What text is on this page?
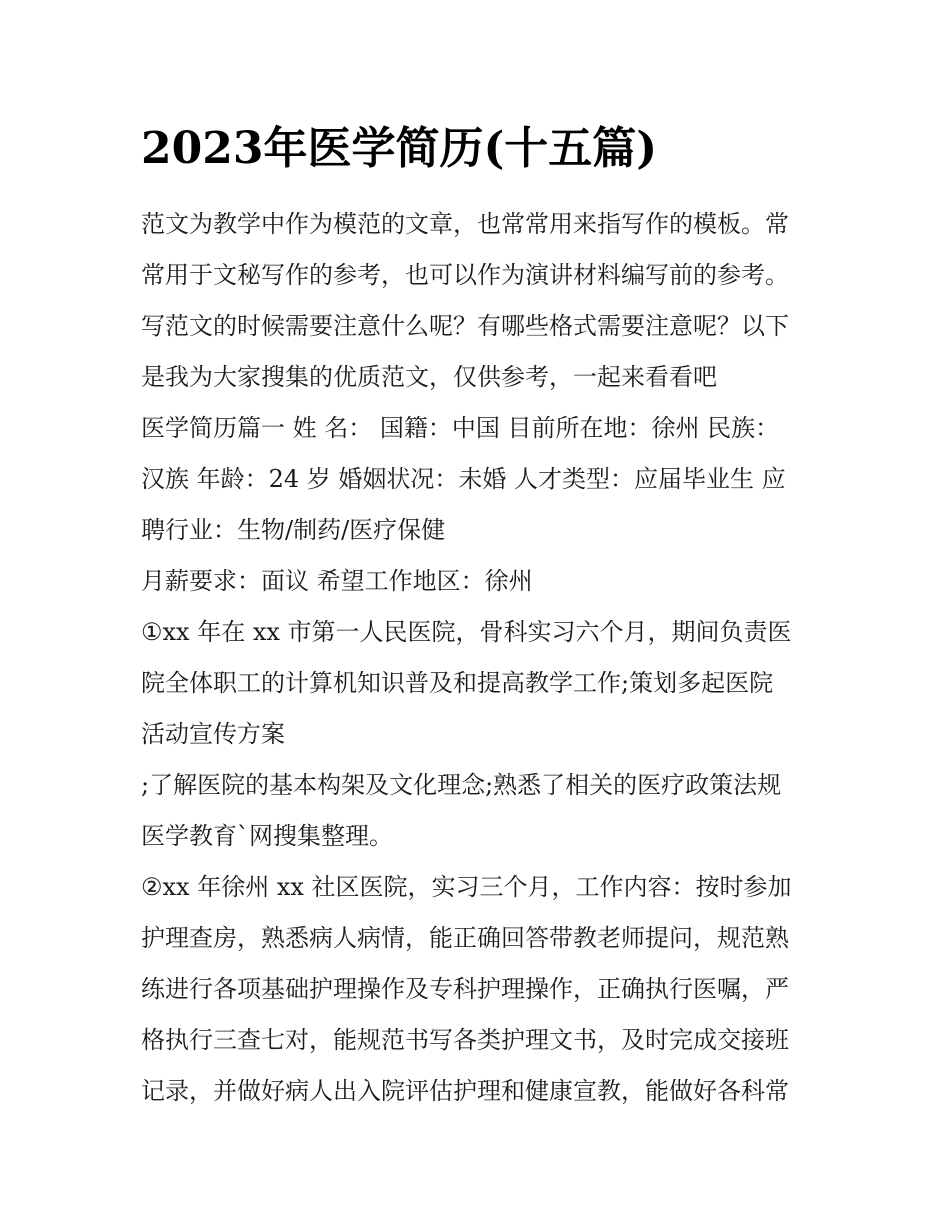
2023年医学简历(十五篇)
范文为教学中作为模范的文章，也常常用来指写作的模板。常
常用于文秘写作的参考，也可以作为演讲材料编写前的参考。
写范文的时候需要注意什么呢？有哪些格式需要注意呢？以下
是我为大家搜集的优质范文，仅供参考，一起来看看吧
医学简历篇一 姓 名： 国籍：中国 目前所在地：徐州 民族：
汉族 年龄：24 岁 婚姻状况：未婚 人才类型：应届毕业生 应
聘行业：生物/制药/医疗保健
月薪要求：面议 希望工作地区：徐州
①xx 年在 xx 市第一人民医院，骨科实习六个月，期间负责医
院全体职工的计算机知识普及和提高教学工作;策划多起医院
活动宣传方案
;了解医院的基本构架及文化理念;熟悉了相关的医疗政策法规
医学教育`网搜集整理。
②xx 年徐州 xx 社区医院，实习三个月，工作内容：按时参加
护理查房，熟悉病人病情，能正确回答带教老师提问，规范熟
练进行各项基础护理操作及专科护理操作，正确执行医嘱，严
格执行三查七对，能规范书写各类护理文书，及时完成交接班
记录，并做好病人出入院评估护理和健康宣教，能做好各科常
